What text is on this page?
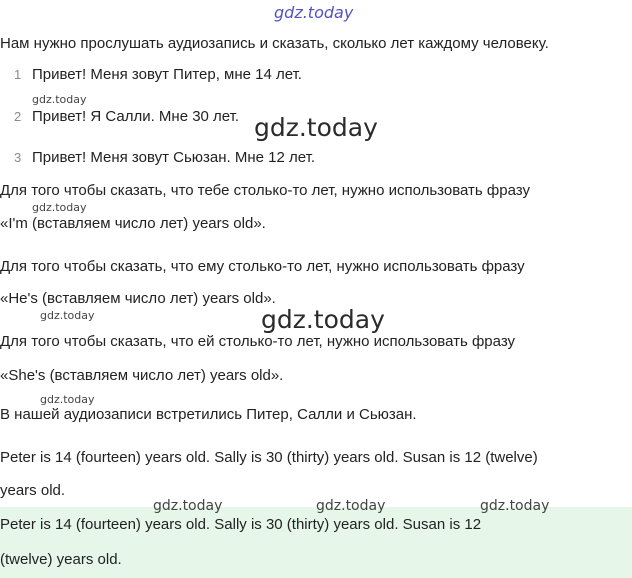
gdz.today
Нам нужно прослушать аудиозапись и сказать, сколько лет каждому человеку.
1 Привет! Меня зовут Питер, мне 14 лет.
2 Привет! Я Салли. Мне 30 лет.
3 Привет! Меня зовут Сьюзан. Мне 12 лет.
gdz.today
gdz.today
Для того чтобы сказать, что тебе столько-то лет, нужно использовать фразу
gdz.today
«I'm (вставляем число лет) years old».
Для того чтобы сказать, что ему столько-то лет, нужно использовать фразу
«He's (вставляем число лет) years old».
gdz.today	gdz.today
Для того чтобы сказать, что ей столько-то лет, нужно использовать фразу
«She's (вставляем число лет) years old».
gdz.today
В нашей аудиозаписи встретились Питер, Салли и Сьюзан.
Peter is 14 (fourteen) years old. Sally is 30 (thirty) years old. Susan is 12 (twelve)
years old.
gdz.today	gdz.today	gdz.today
Peter is 14 (fourteen) years old. Sally is 30 (thirty) years old. Susan is 12
(twelve) years old.
